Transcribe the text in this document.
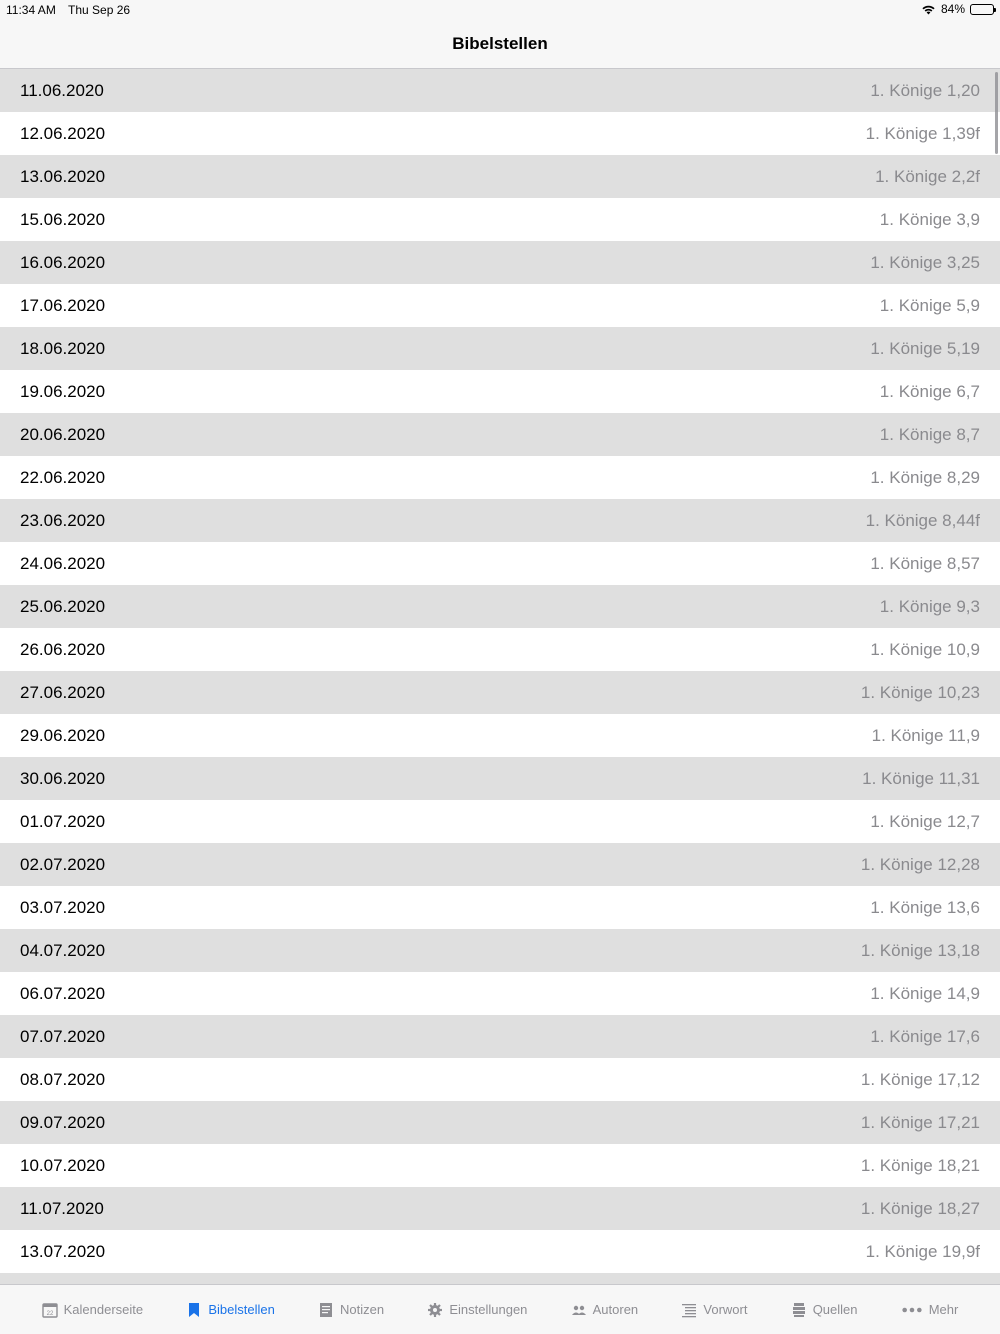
11:34 AM Thu Sep 26	84%
Bibelstellen
11.06.2020	1. Könige 1,20
12.06.2020	1. Könige 1,39f
13.06.2020	1. Könige 2,2f
15.06.2020	1. Könige 3,9
16.06.2020	1. Könige 3,25
17.06.2020	1. Könige 5,9
18.06.2020	1. Könige 5,19
19.06.2020	1. Könige 6,7
20.06.2020	1. Könige 8,7
22.06.2020	1. Könige 8,29
23.06.2020	1. Könige 8,44f
24.06.2020	1. Könige 8,57
25.06.2020	1. Könige 9,3
26.06.2020	1. Könige 10,9
27.06.2020	1. Könige 10,23
29.06.2020	1. Könige 11,9
30.06.2020	1. Könige 11,31
01.07.2020	1. Könige 12,7
02.07.2020	1. Könige 12,28
03.07.2020	1. Könige 13,6
04.07.2020	1. Könige 13,18
06.07.2020	1. Könige 14,9
07.07.2020	1. Könige 17,6
08.07.2020	1. Könige 17,12
09.07.2020	1. Könige 17,21
10.07.2020	1. Könige 18,21
11.07.2020	1. Könige 18,27
13.07.2020	1. Könige 19,9f
22 Kalenderseite	Bibelstellen	Notizen	Einstellungen	Autoren	Vorwort	Quellen	Mehr
